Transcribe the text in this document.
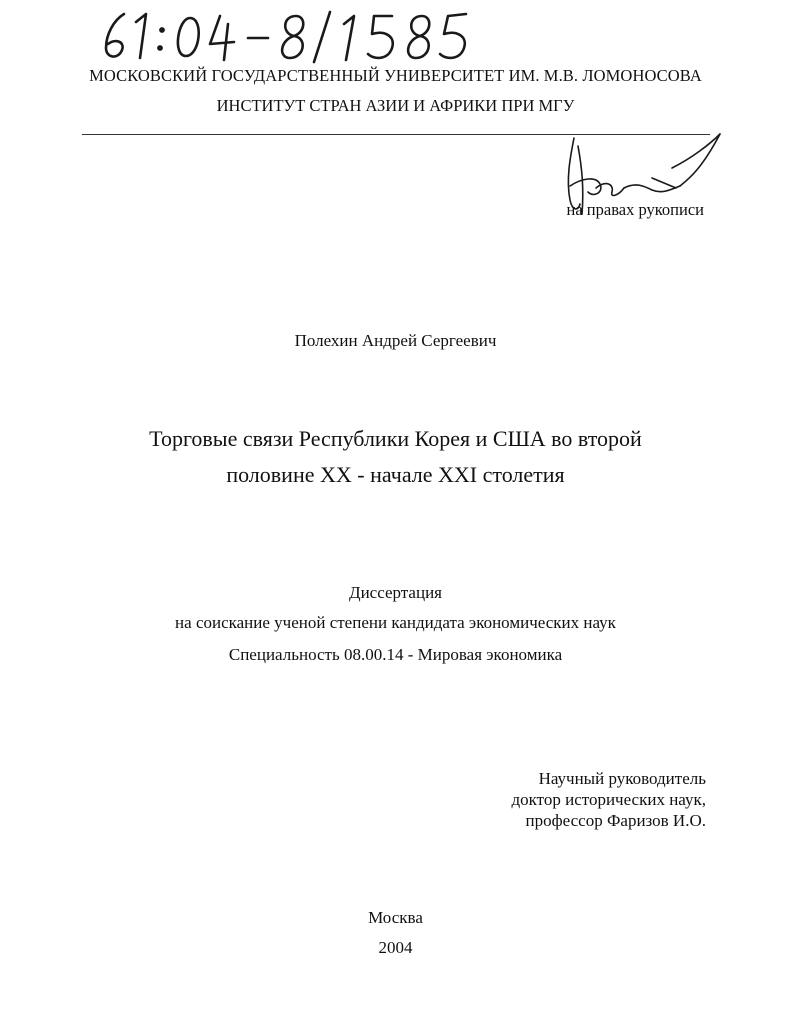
МОСКОВСКИЙ ГОСУДАРСТВЕННЫЙ УНИВЕРСИТЕТ ИМ. М.В. ЛОМОНОСОВА
ИНСТИТУТ СТРАН АЗИИ И АФРИКИ ПРИ МГУ
на правах рукописи
Полехин Андрей Сергеевич
Торговые связи Республики Корея и США во второй
половине XX - начале XXI столетия
Диссертация
на соискание ученой степени кандидата экономических наук
Специальность 08.00.14 - Мировая экономика
Научный руководитель
доктор исторических наук,
профессор Фаризов И.О.
Москва
2004
